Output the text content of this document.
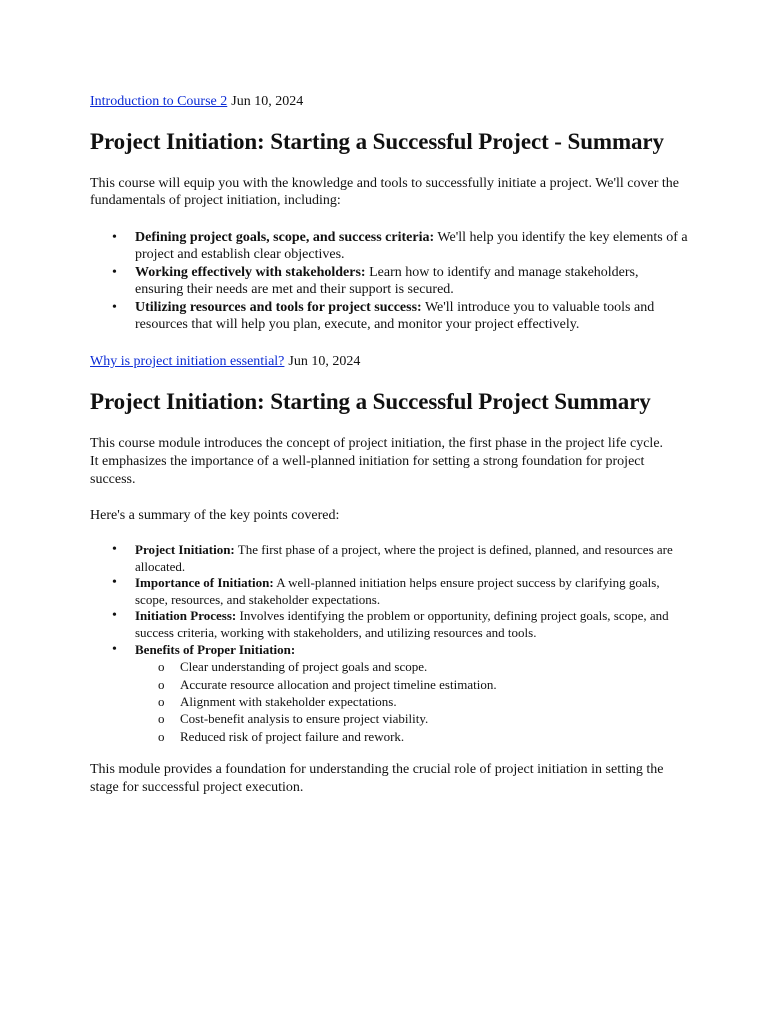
Introduction to Course 2 Jun 10, 2024

Project Initiation: Starting a Successful Project - Summary

This course will equip you with the knowledge and tools to successfully initiate a project. We'll cover the fundamentals of project initiation, including:

• Defining project goals, scope, and success criteria: We'll help you identify the key elements of a project and establish clear objectives.
• Working effectively with stakeholders: Learn how to identify and manage stakeholders, ensuring their needs are met and their support is secured.
• Utilizing resources and tools for project success: We'll introduce you to valuable tools and resources that will help you plan, execute, and monitor your project effectively.

Why is project initiation essential? Jun 10, 2024

Project Initiation: Starting a Successful Project Summary

This course module introduces the concept of project initiation, the first phase in the project life cycle. It emphasizes the importance of a well-planned initiation for setting a strong foundation for project success.

Here's a summary of the key points covered:

• Project Initiation: The first phase of a project, where the project is defined, planned, and resources are allocated.
• Importance of Initiation: A well-planned initiation helps ensure project success by clarifying goals, scope, resources, and stakeholder expectations.
• Initiation Process: Involves identifying the problem or opportunity, defining project goals, scope, and success criteria, working with stakeholders, and utilizing resources and tools.
• Benefits of Proper Initiation:
o Clear understanding of project goals and scope.
o Accurate resource allocation and project timeline estimation.
o Alignment with stakeholder expectations.
o Cost-benefit analysis to ensure project viability.
o Reduced risk of project failure and rework.

This module provides a foundation for understanding the crucial role of project initiation in setting the stage for successful project execution.
